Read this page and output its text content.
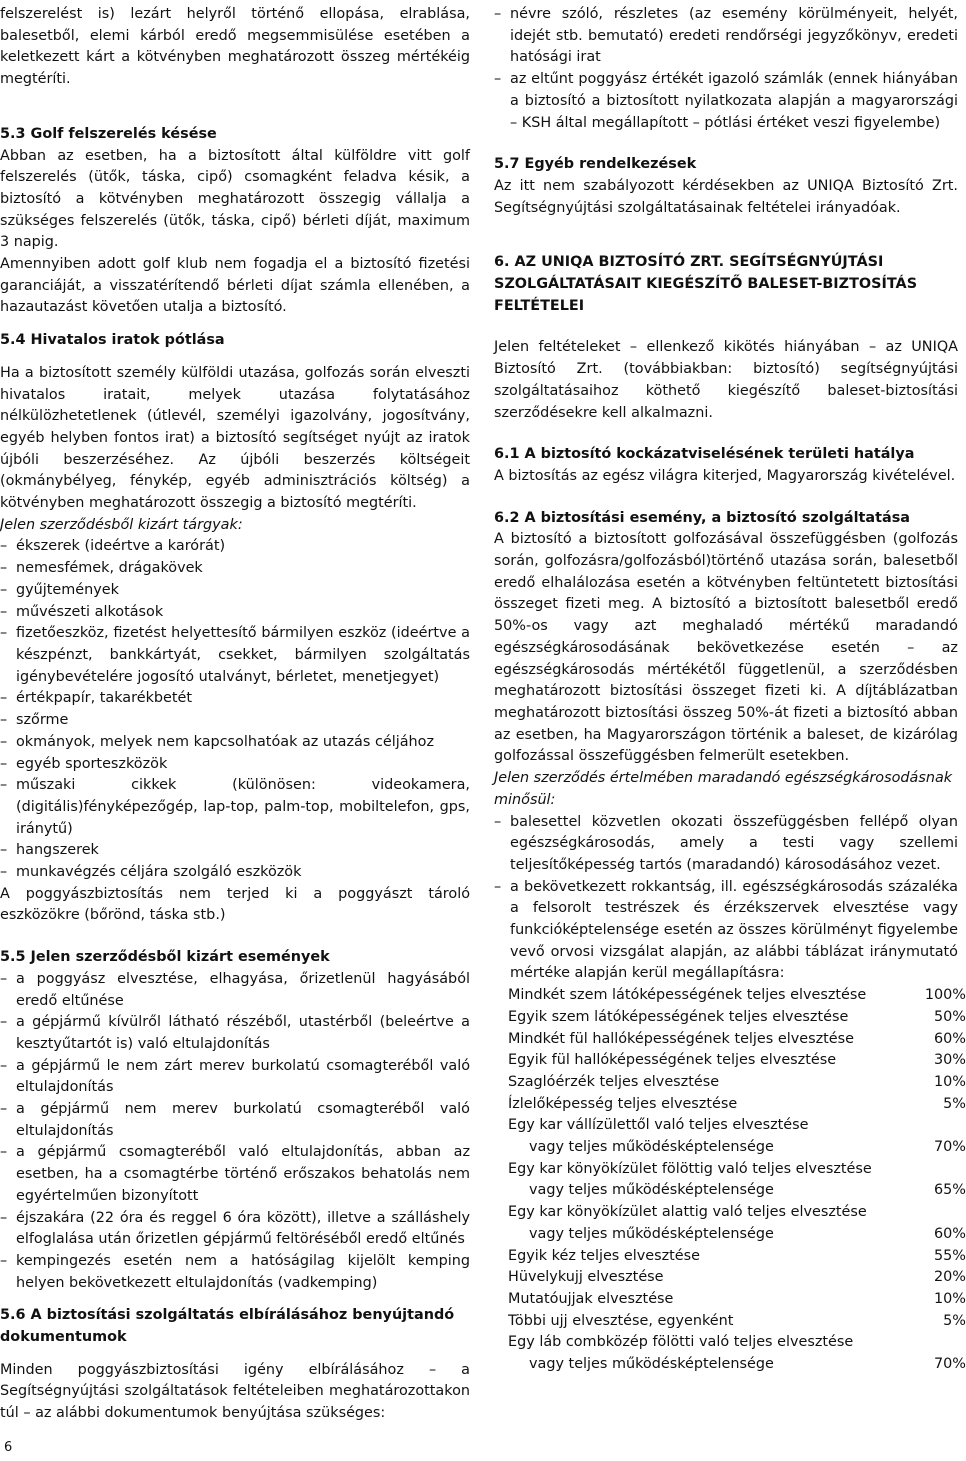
felszerelést is) lezárt helyről történő ellopása, elrablása, balesetből, elemi kárból eredő megsemmisülése esetében a keletkezett kárt a kötvényben meghatározott összeg mértékéig megtéríti.

5.3 Golf felszerelés késése

Abban az esetben, ha a biztosított által külföldre vitt golf felszerelés (ütők, táska, cipő) csomagként feladva késik, a biztosító a kötvényben meghatározott összegig vállalja a szükséges felszerelés (ütők, táska, cipő) bérleti díját, maximum 3 napig.

Amennyiben adott golf klub nem fogadja el a biztosító fizetési garanciáját, a visszatérítendő bérleti díjat számla ellenében, a hazautazást követően utalja a biztosító.

5.4 Hivatalos iratok pótlása

Ha a biztosított személy külföldi utazása, golfozás során elveszti hivatalos iratait, melyek utazása folytatásához nélkülözhetetlenek (útlevél, személyi igazolvány, jogosítvány, egyéb helyben fontos irat) a biztosító segítséget nyújt az iratok újbóli beszerzéséhez. Az újbóli beszerzés költségeit (okmánybélyeg, fénykép, egyéb adminisztrációs költség) a kötvényben meghatározott összegig a biztosító megtéríti.

Jelen szerződésből kizárt tárgyak:

– ékszerek (ideértve a karórát)
– nemesfémek, drágakövek
– gyűjtemények
– művészeti alkotások
– fizetőeszköz, fizetést helyettesítő bármilyen eszköz (ideértve a készpénzt, bankkártyát, csekket, bármilyen szolgáltatás igénybevételére jogosító utalványt, bérletet, menetjegyet)
– értékpapír, takarékbetét
– szőrme
– okmányok, melyek nem kapcsolhatóak az utazás céljához
– egyéb sporteszközök
– műszaki cikkek (különösen: videokamera, (digitális)fényképezőgép, lap-top, palm-top, mobiltelefon, gps, iránytű)
– hangszerek
– munkavégzés céljára szolgáló eszközök

A poggyászbiztosítás nem terjed ki a poggyászt tároló eszközökre (bőrönd, táska stb.)

5.5 Jelen szerződésből kizárt események

– a poggyász elvesztése, elhagyása, őrizetlenül hagyásából eredő eltűnése
– a gépjármű kívülről látható részéből, utastérből (beleértve a kesztyűtartót is) való eltulajdonítás
– a gépjármű le nem zárt merev burkolatú csomagteréből való eltulajdonítás
– a gépjármű nem merev burkolatú csomagteréből való eltulajdonítás
– a gépjármű csomagteréből való eltulajdonítás, abban az esetben, ha a csomagtérbe történő erőszakos behatolás nem egyértelműen bizonyított
– éjszakára (22 óra és reggel 6 óra között), illetve a szálláshely elfoglalása után őrizetlen gépjármű feltöréséből eredő eltűnés
– kempingezés esetén nem a hatóságilag kijelölt kemping helyen bekövetkezett eltulajdonítás (vadkemping)

5.6 A biztosítási szolgáltatás elbírálásához benyújtandó dokumentumok

Minden poggyászbiztosítási igény elbírálásához – a Segítségnyújtási szolgáltatások feltételeiben meghatározottakon túl – az alábbi dokumentumok benyújtása szükséges:

– névre szóló, részletes (az esemény körülményeit, helyét, idejét stb. bemutató) eredeti rendőrségi jegyzőkönyv, eredeti hatósági irat
– az eltűnt poggyász értékét igazoló számlák (ennek hiányában a biztosító a biztosított nyilatkozata alapján a magyarországi – KSH által megállapított – pótlási értéket veszi figyelembe)

5.7 Egyéb rendelkezések

Az itt nem szabályozott kérdésekben az UNIQA Biztosító Zrt. Segítségnyújtási szolgáltatásainak feltételei irányadóak.

6. AZ UNIQA BIZTOSÍTÓ ZRT. SEGÍTSÉGNYÚJTÁSI SZOLGÁLTATÁSAIT KIEGÉSZÍTŐ BALESET-BIZTOSÍTÁS FELTÉTELEI

Jelen feltételeket – ellenkező kikötés hiányában – az UNIQA Biztosító Zrt. (továbbiakban: biztosító) segítségnyújtási szolgáltatásaihoz köthető kiegészítő baleset-biztosítási szerződésekre kell alkalmazni.

6.1 A biztosító kockázatviselésének területi hatálya

A biztosítás az egész világra kiterjed, Magyarország kivételével.

6.2 A biztosítási esemény, a biztosító szolgáltatása

A biztosító a biztosított golfozásával összefüggésben (golfozás során, golfozásra/golfozásból)történő utazása során, balesetből eredő elhalálozása esetén a kötvényben feltüntetett biztosítási összeget fizeti meg. A biztosító a biztosított balesetből eredő 50%-os vagy azt meghaladó mértékű maradandó egészségkárosodásának bekövetkezése esetén – az egészségkárosodás mértékétől függetlenül, a szerződésben meghatározott biztosítási összeget fizeti ki. A díjtáblázatban meghatározott biztosítási összeg 50%-át fizeti a biztosító abban az esetben, ha Magyarországon történik a baleset, de kizárólag golfozással összefüggésben felmerült esetekben.

Jelen szerződés értelmében maradandó egészségkárosodásnak minősül:

– balesettel közvetlen okozati összefüggésben fellépő olyan egészségkárosodás, amely a testi vagy szellemi teljesítőképesség tartós (maradandó) károsodásához vezet.
– a bekövetkezett rokkantság, ill. egészségkárosodás százaléka a felsorolt testrészek és érzékszervek elvesztése vagy funkcióképtelensége esetén az összes körülményt figyelembe vevő orvosi vizsgálat alapján, az alábbi táblázat iránymutató mértéke alapján kerül megállapításra:
Mindkét szem látóképességének teljes elvesztése	100%
Egyik szem látóképességének teljes elvesztése	50%
Mindkét fül hallóképességének teljes elvesztése	60%
Egyik fül hallóképességének teljes elvesztése	30%
Szaglóérzék teljes elvesztése	10%
Ízlelőképesség teljes elvesztése	5%
Egy kar vállízülettől való teljes elvesztése
vagy teljes működésképtelensége	70%
Egy kar könyökízület fölöttig való teljes elvesztése
vagy teljes működésképtelensége	65%
Egy kar könyökízület alattig való teljes elvesztése
vagy teljes működésképtelensége	60%
Egyik kéz teljes elvesztése	55%
Hüvelykujj elvesztése	20%
Mutatóujjak elvesztése	10%
Többi ujj elvesztése, egyenként	5%
Egy láb combközép fölötti való teljes elvesztése
vagy teljes működésképtelensége	70%
6
